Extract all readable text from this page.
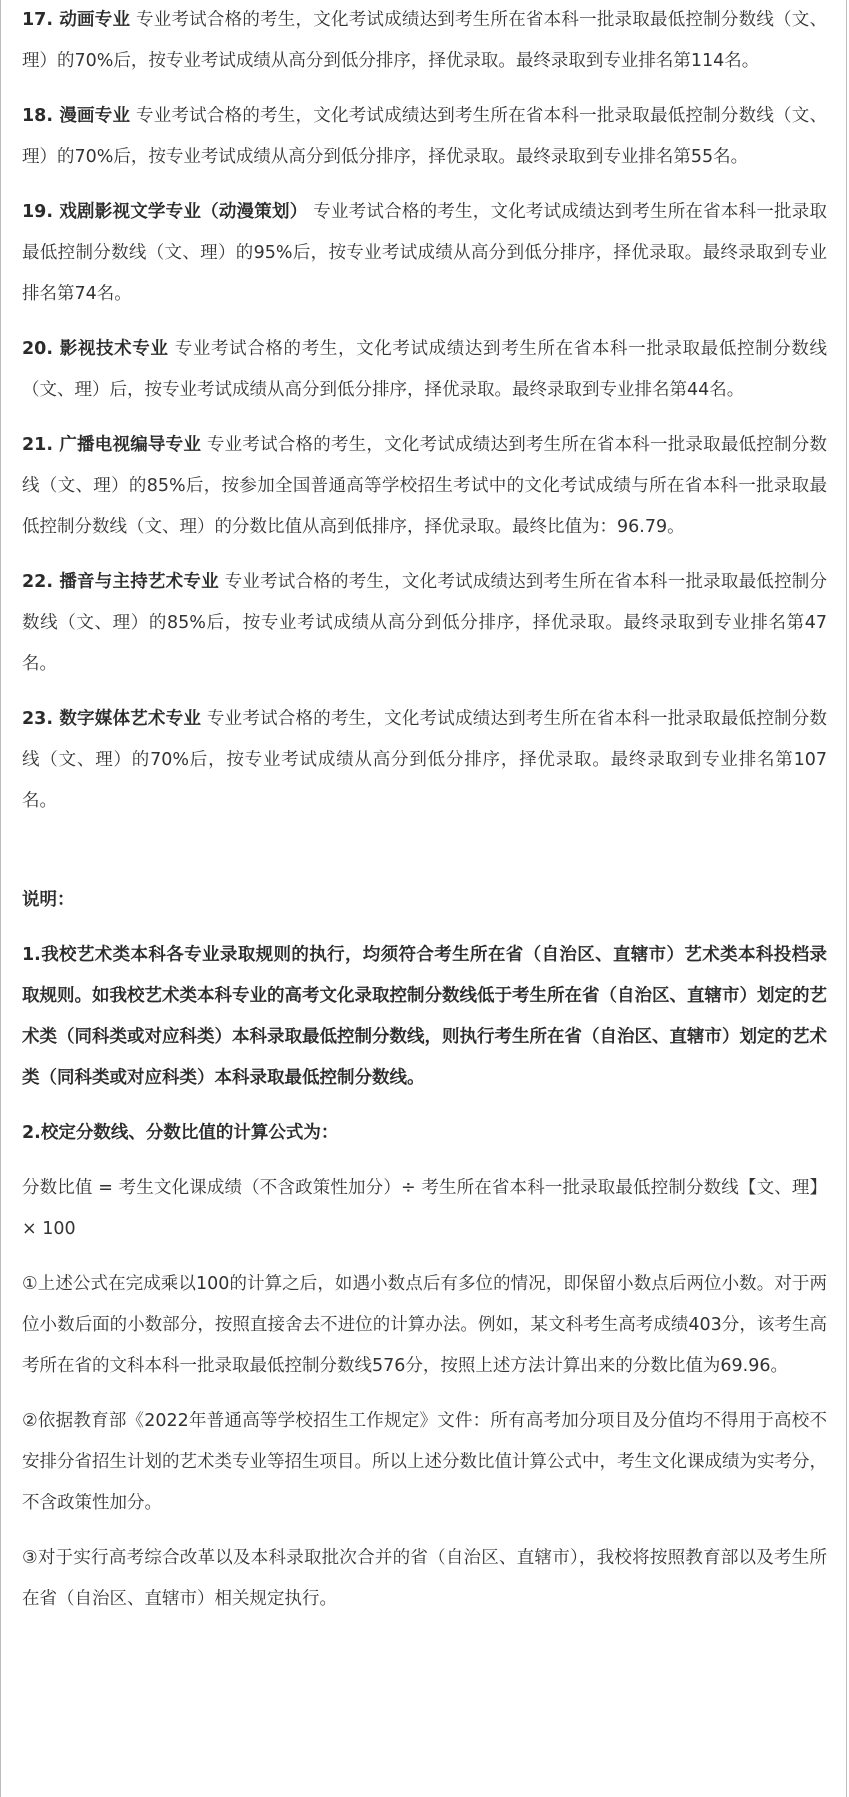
17. 动画专业 专业考试合格的考生，文化考试成绩达到考生所在省本科一批录取最低控制分数线（文、理）的70%后，按专业考试成绩从高分到低分排序，择优录取。最终录取到专业排名第114名。

18. 漫画专业 专业考试合格的考生，文化考试成绩达到考生所在省本科一批录取最低控制分数线（文、理）的70%后，按专业考试成绩从高分到低分排序，择优录取。最终录取到专业排名第55名。

19. 戏剧影视文学专业（动漫策划） 专业考试合格的考生，文化考试成绩达到考生所在省本科一批录取最低控制分数线（文、理）的95%后，按专业考试成绩从高分到低分排序，择优录取。最终录取到专业排名第74名。

20. 影视技术专业 专业考试合格的考生，文化考试成绩达到考生所在省本科一批录取最低控制分数线（文、理）后，按专业考试成绩从高分到低分排序，择优录取。最终录取到专业排名第44名。

21. 广播电视编导专业 专业考试合格的考生，文化考试成绩达到考生所在省本科一批录取最低控制分数线（文、理）的85%后，按参加全国普通高等学校招生考试中的文化考试成绩与所在省本科一批录取最低控制分数线（文、理）的分数比值从高到低排序，择优录取。最终比值为：96.79。

22. 播音与主持艺术专业 专业考试合格的考生，文化考试成绩达到考生所在省本科一批录取最低控制分数线（文、理）的85%后，按专业考试成绩从高分到低分排序，择优录取。最终录取到专业排名第47名。

23. 数字媒体艺术专业 专业考试合格的考生，文化考试成绩达到考生所在省本科一批录取最低控制分数线（文、理）的70%后，按专业考试成绩从高分到低分排序，择优录取。最终录取到专业排名第107名。

说明：

1.我校艺术类本科各专业录取规则的执行，均须符合考生所在省（自治区、直辖市）艺术类本科投档录取规则。如我校艺术类本科专业的高考文化录取控制分数线低于考生所在省（自治区、直辖市）划定的艺术类（同科类或对应科类）本科录取最低控制分数线，则执行考生所在省（自治区、直辖市）划定的艺术类（同科类或对应科类）本科录取最低控制分数线。

2.校定分数线、分数比值的计算公式为：

分数比值 = 考生文化课成绩（不含政策性加分）÷ 考生所在省本科一批录取最低控制分数线【文、理】× 100

①上述公式在完成乘以100的计算之后，如遇小数点后有多位的情况，即保留小数点后两位小数。对于两位小数后面的小数部分，按照直接舍去不进位的计算办法。例如，某文科考生高考成绩403分，该考生高考所在省的文科本科一批录取最低控制分数线576分，按照上述方法计算出来的分数比值为69.96。

②依据教育部《2022年普通高等学校招生工作规定》文件：所有高考加分项目及分值均不得用于高校不安排分省招生计划的艺术类专业等招生项目。所以上述分数比值计算公式中，考生文化课成绩为实考分，不含政策性加分。

③对于实行高考综合改革以及本科录取批次合并的省（自治区、直辖市），我校将按照教育部以及考生所在省（自治区、直辖市）相关规定执行。
